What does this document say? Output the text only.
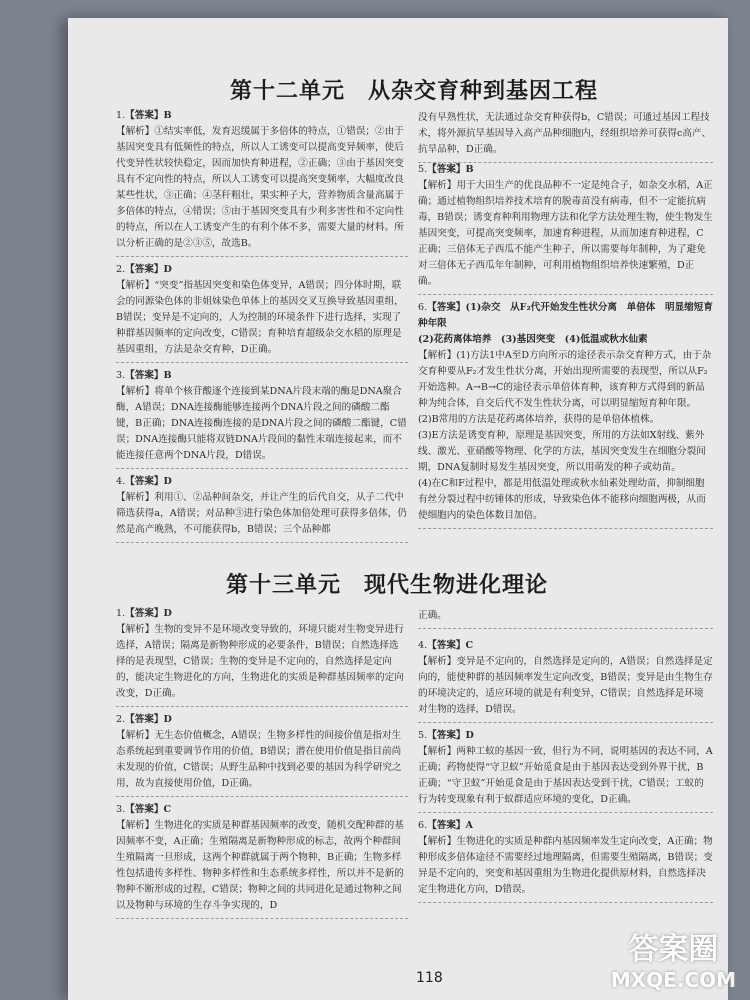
第十二单元　从杂交育种到基因工程

1.【答案】B

【解析】①结实率低，发育迟缓属于多倍体的特点，①错误；②由于基因突变具有低频性的特点，所以人工诱变可以提高变异频率，使后代变异性状较快稳定，因而加快育种进程，②正确；③由于基因突变具有不定向性的特点，所以人工诱变可以提高突变频率，大幅度改良某些性状，③正确；④茎秆粗壮，果实种子大，营养物质含量高属于多倍体的特点，④错误；⑤由于基因突变具有少利多害性和不定向性的特点，所以在人工诱变产生的有利个体不多，需要大量的材料。所以分析正确的是②③⑤，故选B。

2.【答案】D

【解析】“突变”指基因突变和染色体变异，A错误；四分体时期，联会的同源染色体的非姐妹染色单体上的基因交叉互换导致基因重组，B错误；变异是不定向的，人为控制的环境条件下进行选择，实现了种群基因频率的定向改变，C错误；育种培育超级杂交水稻的原理是基因重组，方法是杂交育种，D正确。

3.【答案】B

【解析】将单个核苷酸逐个连接到某DNA片段末端的酶是DNA聚合酶，A错误；DNA连接酶能够连接两个DNA片段之间的磷酸二酯键，B正确；DNA连接酶连接的是DNA片段之间的磷酸二酯键，C错误；DNA连接酶只能将双链DNA片段间的黏性末端连接起来，而不能连接任意两个DNA片段，D错误。

4.【答案】D

【解析】利用①、②品种间杂交，并让产生的后代自交，从子二代中筛选获得a，A错误；对品种③进行染色体加倍处理可获得多倍体，仍然是高产晚熟，不可能获得b，B错误；三个品种都

没有早熟性状，无法通过杂交育种获得b，C错误；可通过基因工程技术，将外源抗旱基因导入高产品种细胞内，经组织培养可获得c高产、抗旱品种，D正确。

5.【答案】B

【解析】用于大田生产的优良品种不一定是纯合子，如杂交水稻，A正确；通过植物组织培养技术培育的脱毒苗没有病毒，但不一定能抗病毒，B错误；诱变育种利用物理方法和化学方法处理生物，使生物发生基因突变，可提高突变频率，加速育种进程，从而加速育种进程，C正确；三倍体无子西瓜不能产生种子，所以需要每年制种，为了避免对三倍体无子西瓜年年制种，可利用植物组织培养快速繁殖，D正确。

6.【答案】(1)杂交　从F₂代开始发生性状分离　单倍体　明显缩短育种年限
(2)花药离体培养　(3)基因突变　(4)低温或秋水仙素

【解析】(1)方法1中A至D方向所示的途径表示杂交育种方式，由于杂交育种要从F₂才发生性状分离，开始出现所需要的表现型，所以从F₂开始选种。A→B→C的途径表示单倍体育种，该育种方式得到的新品种为纯合体，自交后代不发生性状分离，可以明显缩短育种年限。
(2)B常用的方法是花药离体培养，获得的是单倍体植株。
(3)E方法是诱变育种，原理是基因突变，所用的方法如X射线、紫外线、激光、亚硝酸等物理、化学的方法，基因突变发生在细胞分裂间期，DNA复制时易发生基因突变，所以用萌发的种子或幼苗。
(4)在C和F过程中，都是用低温处理或秋水仙素处理幼苗，抑制细胞有丝分裂过程中纺锤体的形成，导致染色体不能移向细胞两极，从而使细胞内的染色体数目加倍。

第十三单元　现代生物进化理论

1.【答案】D

【解析】生物的变异不是环境改变导致的，环境只能对生物变异进行选择，A错误；隔离是新物种形成的必要条件，B错误；自然选择选择的是表现型，C错误；生物的变异是不定向的，自然选择是定向的，能决定生物进化的方向，生物进化的实质是种群基因频率的定向改变，D正确。

2.【答案】D

【解析】无生态价值概念，A错误；生物多样性的间接价值是指对生态系统起到重要调节作用的价值，B错误；潜在使用价值是指目前尚未发现的价值，C错误；从野生品种中找到必要的基因为科学研究之用，故为直接使用价值，D正确。

3.【答案】C

【解析】生物进化的实质是种群基因频率的改变，随机交配种群的基因频率不变，A正确；生殖隔离是新物种形成的标志，故两个种群间生殖隔离一旦形成，这两个种群就属于两个物种，B正确；生物多样性包括遗传多样性、物种多样性和生态系统多样性，所以并不是新的物种不断形成的过程，C错误；物种之间的共同进化是通过物种之间以及物种与环境的生存斗争实现的，D

正确。

4.【答案】C

【解析】变异是不定向的，自然选择是定向的，A错误；自然选择是定向的，能使种群的基因频率发生定向改变，B错误；变异是由生物生存的环境决定的，适应环境的就是有利变异，C错误；自然选择是环境对生物的选择，D错误。

5.【答案】D

【解析】两种工蚁的基因一致，但行为不同，说明基因的表达不同，A正确；药物使得“守卫蚁”开始觅食是由于基因表达受到外界干扰，B正确；“守卫蚁”开始觅食是由于基因表达受到干扰，C错误；工蚁的行为转变现象有利于蚁群适应环境的变化，D正确。

6.【答案】A

【解析】生物进化的实质是种群内基因频率发生定向改变，A正确；物种形成多倍体途径不需要经过地理隔离，但需要生殖隔离，B错误；变异是不定向的，突变和基因重组为生物进化提供原材料，自然选择决定生物进化方向，D错误。

118
答案圈
MXQE.COM
